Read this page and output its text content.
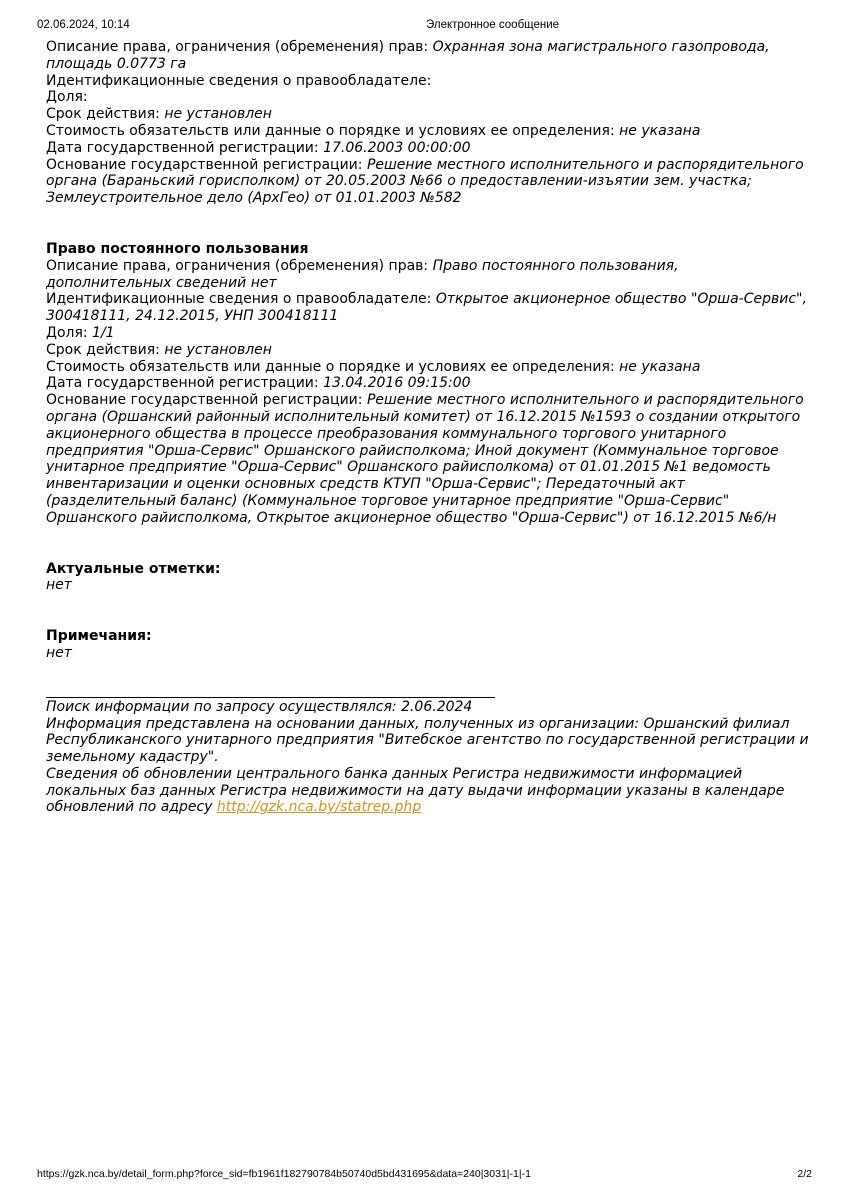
02.06.2024, 10:14	Электронное сообщение
Описание права, ограничения (обременения) прав: Охранная зона магистрального газопровода,
площадь 0.0773 га
Идентификационные сведения о правообладателе:
Доля:
Срок действия: не установлен
Стоимость обязательств или данные о порядке и условиях ее определения: не указана
Дата государственной регистрации: 17.06.2003 00:00:00
Основание государственной регистрации: Решение местного исполнительного и распорядительного
органа (Бараньский горисполком) от 20.05.2003 №66 о предоставлении-изъятии зем. участка;
Землеустроительное дело (АрхГео) от 01.01.2003 №582
Право постоянного пользования
Описание права, ограничения (обременения) прав: Право постоянного пользования,
дополнительных сведений нет
Идентификационные сведения о правообладателе: Открытое акционерное общество "Орша-Сервис",
300418111, 24.12.2015, УНП 300418111
Доля: 1/1
Срок действия: не установлен
Стоимость обязательств или данные о порядке и условиях ее определения: не указана
Дата государственной регистрации: 13.04.2016 09:15:00
Основание государственной регистрации: Решение местного исполнительного и распорядительного
органа (Оршанский районный исполнительный комитет) от 16.12.2015 №1593 о создании открытого
акционерного общества в процессе преобразования коммунального торгового унитарного
предприятия "Орша-Сервис" Оршанского райисполкома; Иной документ (Коммунальное торговое
унитарное предприятие "Орша-Сервис" Оршанского райисполкома) от 01.01.2015 №1 ведомость
инвентаризации и оценки основных средств КТУП "Орша-Сервис"; Передаточный акт
(разделительный баланс) (Коммунальное торговое унитарное предприятие "Орша-Сервис"
Оршанского райисполкома, Открытое акционерное общество "Орша-Сервис") от 16.12.2015 №6/н
Актуальные отметки:
нет
Примечания:
нет
Поиск информации по запросу осуществлялся: 2.06.2024
Информация представлена на основании данных, полученных из организации: Оршанский филиал
Республиканского унитарного предприятия "Витебское агентство по государственной регистрации и
земельному кадастру".
Сведения об обновлении центрального банка данных Регистра недвижимости информацией
локальных баз данных Регистра недвижимости на дату выдачи информации указаны в календаре
обновлений по адресу http://gzk.nca.by/statrep.php
https://gzk.nca.by/detail_form.php?force_sid=fb1961f182790784b50740d5bd431695&data=240|3031|-1|-1	2/2
